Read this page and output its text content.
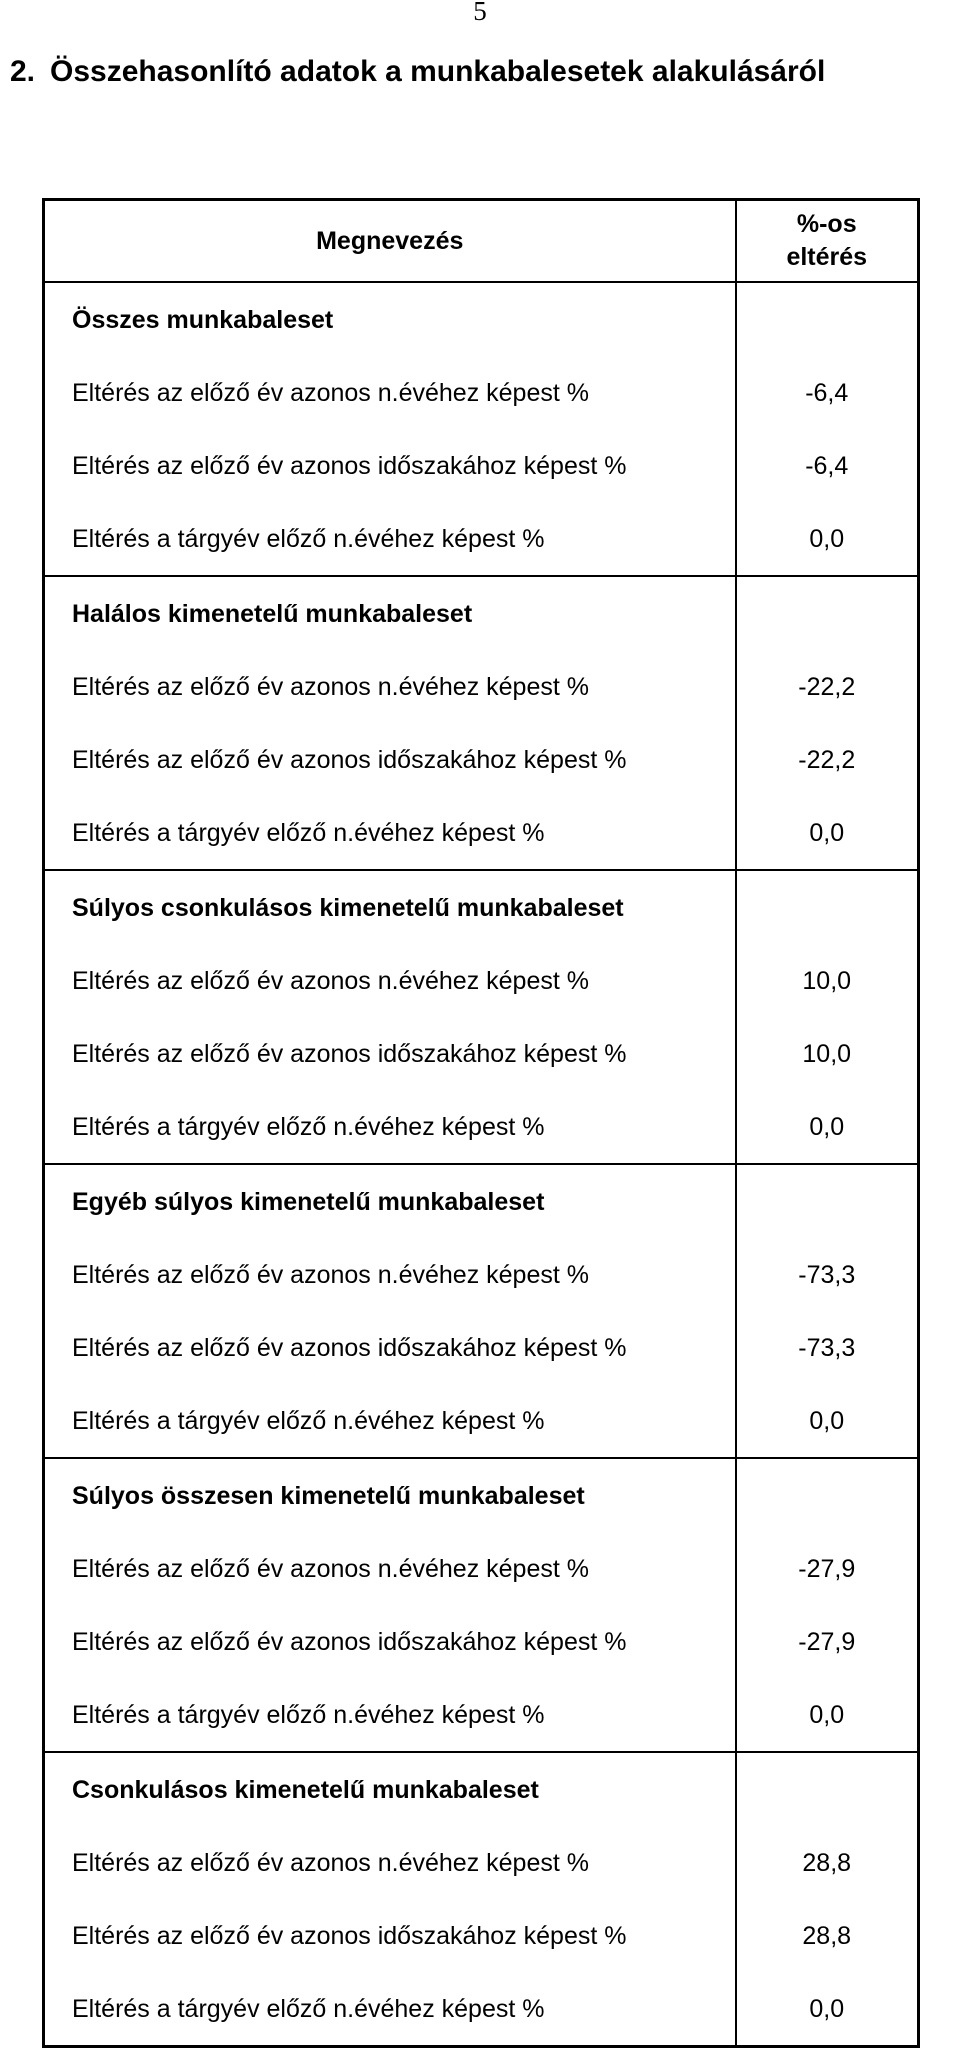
5
2. Összehasonlító adatok a munkabalesetek alakulásáról
Megnevezés	%-os
eltérés
Összes munkabaleset	
Eltérés az előző év azonos n.évéhez képest %	-6,4
Eltérés az előző év azonos időszakához képest %	-6,4
Eltérés a tárgyév előző n.évéhez képest %	0,0
Halálos kimenetelű munkabaleset	
Eltérés az előző év azonos n.évéhez képest %	-22,2
Eltérés az előző év azonos időszakához képest %	-22,2
Eltérés a tárgyév előző n.évéhez képest %	0,0
Súlyos csonkulásos kimenetelű munkabaleset	
Eltérés az előző év azonos n.évéhez képest %	10,0
Eltérés az előző év azonos időszakához képest %	10,0
Eltérés a tárgyév előző n.évéhez képest %	0,0
Egyéb súlyos kimenetelű munkabaleset	
Eltérés az előző év azonos n.évéhez képest %	-73,3
Eltérés az előző év azonos időszakához képest %	-73,3
Eltérés a tárgyév előző n.évéhez képest %	0,0
Súlyos összesen kimenetelű munkabaleset	
Eltérés az előző év azonos n.évéhez képest %	-27,9
Eltérés az előző év azonos időszakához képest %	-27,9
Eltérés a tárgyév előző n.évéhez képest %	0,0
Csonkulásos kimenetelű munkabaleset	
Eltérés az előző év azonos n.évéhez képest %	28,8
Eltérés az előző év azonos időszakához képest %	28,8
Eltérés a tárgyév előző n.évéhez képest %	0,0
